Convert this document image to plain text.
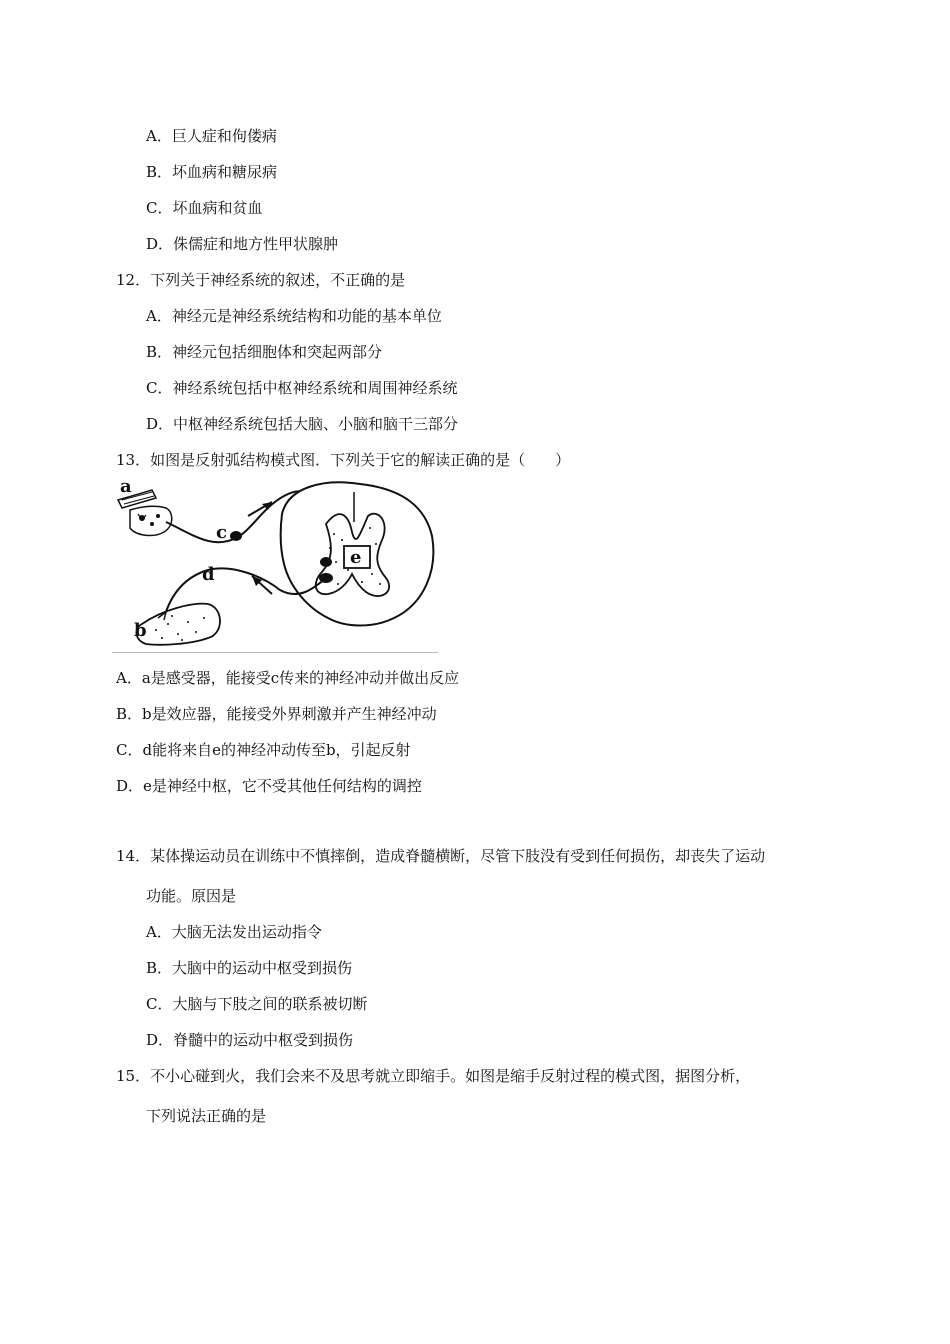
A．巨人症和佝偻病
B．坏血病和糖尿病
C．坏血病和贫血
D．侏儒症和地方性甲状腺肿
12．下列关于神经系统的叙述，不正确的是
A．神经元是神经系统结构和功能的基本单位
B．神经元包括细胞体和突起两部分
C．神经系统包括中枢神经系统和周围神经系统
D．中枢神经系统包括大脑、小脑和脑干三部分
13．如图是反射弧结构模式图．下列关于它的解读正确的是（　　）
a
c
d
b
e
A．a是感受器，能接受c传来的神经冲动并做出反应
B．b是效应器，能接受外界刺激并产生神经冲动
C．d能将来自e的神经冲动传至b，引起反射
D．e是神经中枢，它不受其他任何结构的调控
14．某体操运动员在训练中不慎摔倒，造成脊髓横断，尽管下肢没有受到任何损伤，却丧失了运动
功能。原因是
A．大脑无法发出运动指令
B．大脑中的运动中枢受到损伤
C．大脑与下肢之间的联系被切断
D．脊髓中的运动中枢受到损伤
15．不小心碰到火，我们会来不及思考就立即缩手。如图是缩手反射过程的模式图，据图分析，
下列说法正确的是
